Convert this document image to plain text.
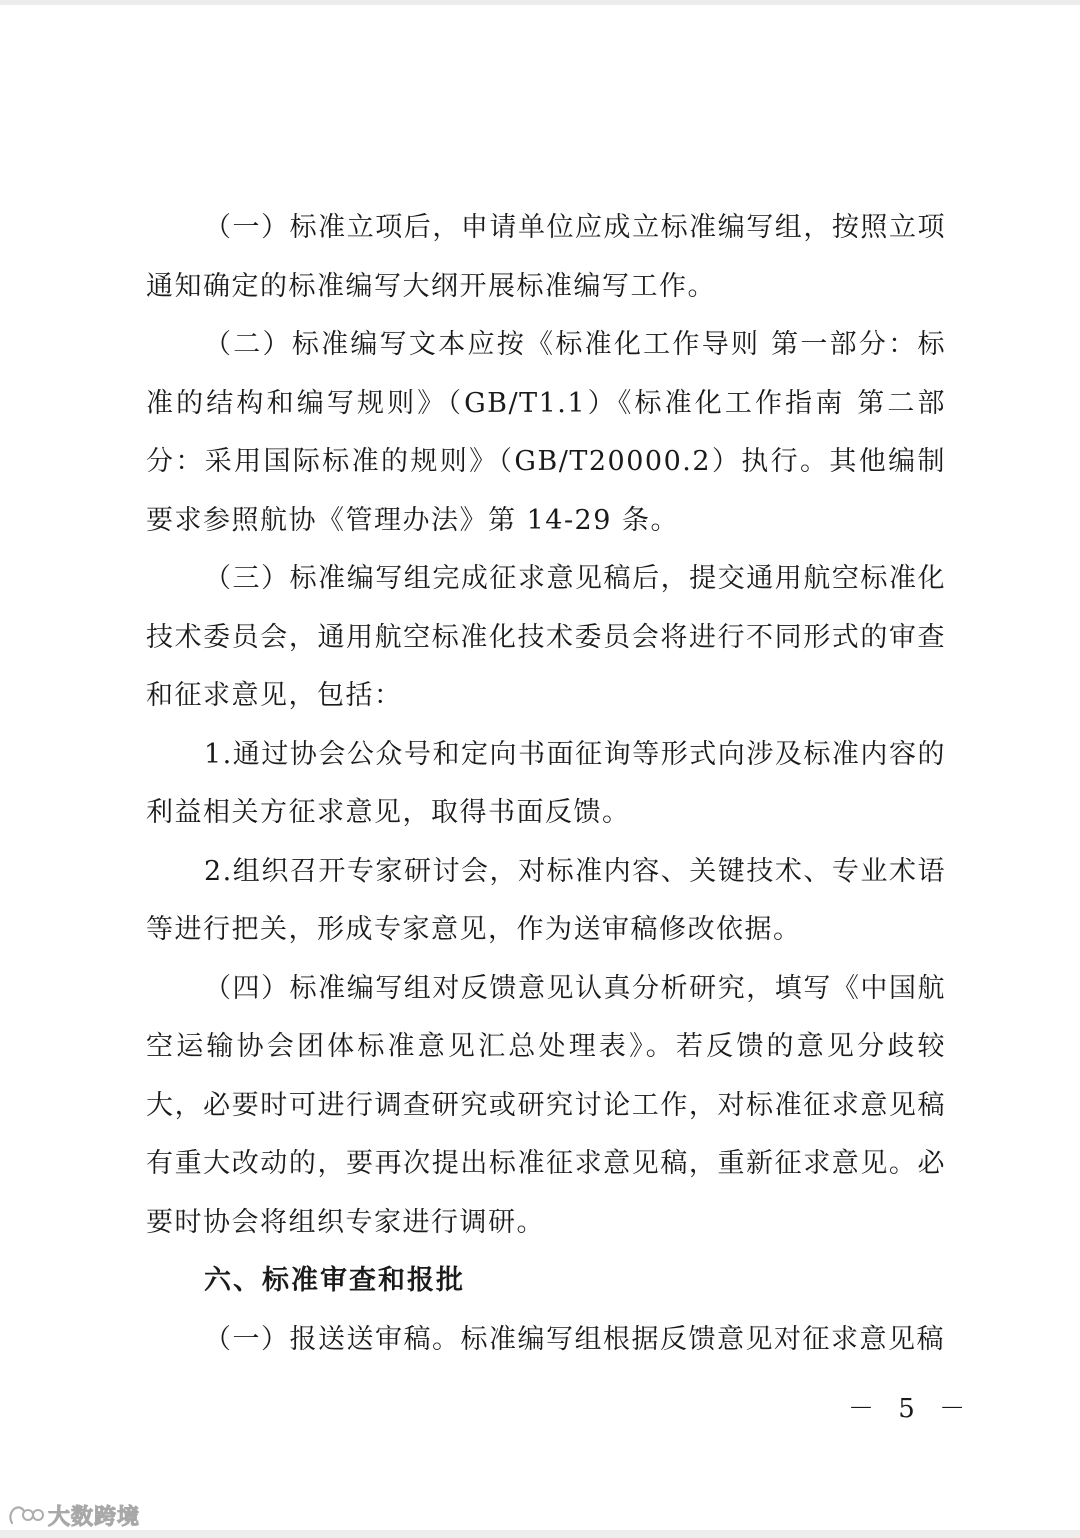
（一）标准立项后，申请单位应成立标准编写组，按照立项通知确定的标准编写大纲开展标准编写工作。

（二）标准编写文本应按《标准化工作导则 第一部分：标准的结构和编写规则》（GB/T1.1）《标准化工作指南 第二部分：采用国际标准的规则》（GB/T20000.2）执行。其他编制要求参照航协《管理办法》第 14-29 条。

（三）标准编写组完成征求意见稿后，提交通用航空标准化技术委员会，通用航空标准化技术委员会将进行不同形式的审查和征求意见，包括：

1.通过协会公众号和定向书面征询等形式向涉及标准内容的利益相关方征求意见，取得书面反馈。

2.组织召开专家研讨会，对标准内容、关键技术、专业术语等进行把关，形成专家意见，作为送审稿修改依据。

（四）标准编写组对反馈意见认真分析研究，填写《中国航空运输协会团体标准意见汇总处理表》。若反馈的意见分歧较大，必要时可进行调查研究或研究讨论工作，对标准征求意见稿有重大改动的，要再次提出标准征求意见稿，重新征求意见。必要时协会将组织专家进行调研。

六、标准审查和报批

（一）报送送审稿。标准编写组根据反馈意见对征求意见稿

－ 5 －
大数跨境
